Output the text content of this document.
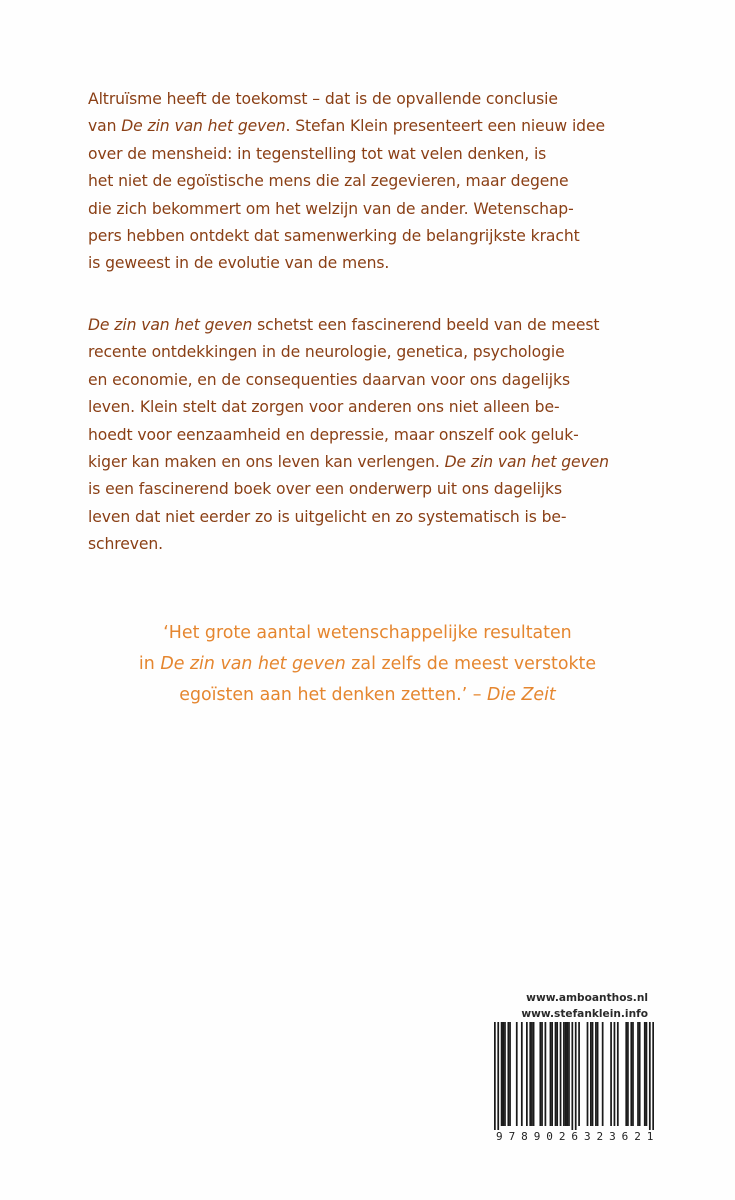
Altruïsme heeft de toekomst – dat is de opvallende conclusie
van De zin van het geven. Stefan Klein presenteert een nieuw idee
over de mensheid: in tegenstelling tot wat velen denken, is
het niet de egoïstische mens die zal zegevieren, maar degene
die zich bekommert om het welzijn van de ander. Wetenschap-
pers hebben ontdekt dat samenwerking de belangrijkste kracht
is geweest in de evolutie van de mens.

De zin van het geven schetst een fascinerend beeld van de meest
recente ontdekkingen in de neurologie, genetica, psychologie
en economie, en de consequenties daarvan voor ons dagelijks
leven. Klein stelt dat zorgen voor anderen ons niet alleen be-
hoedt voor eenzaamheid en depressie, maar onszelf ook geluk-
kiger kan maken en ons leven kan verlengen. De zin van het geven
is een fascinerend boek over een onderwerp uit ons dagelijks
leven dat niet eerder zo is uitgelicht en zo systematisch is be-
schreven.

‘Het grote aantal wetenschappelijke resultaten
in De zin van het geven zal zelfs de meest verstokte
egoïsten aan het denken zetten.’ – Die Zeit

www.amboanthos.nl
www.stefanklein.info
9 7 8 9 0 2 6 3 2 3 6 2 1
